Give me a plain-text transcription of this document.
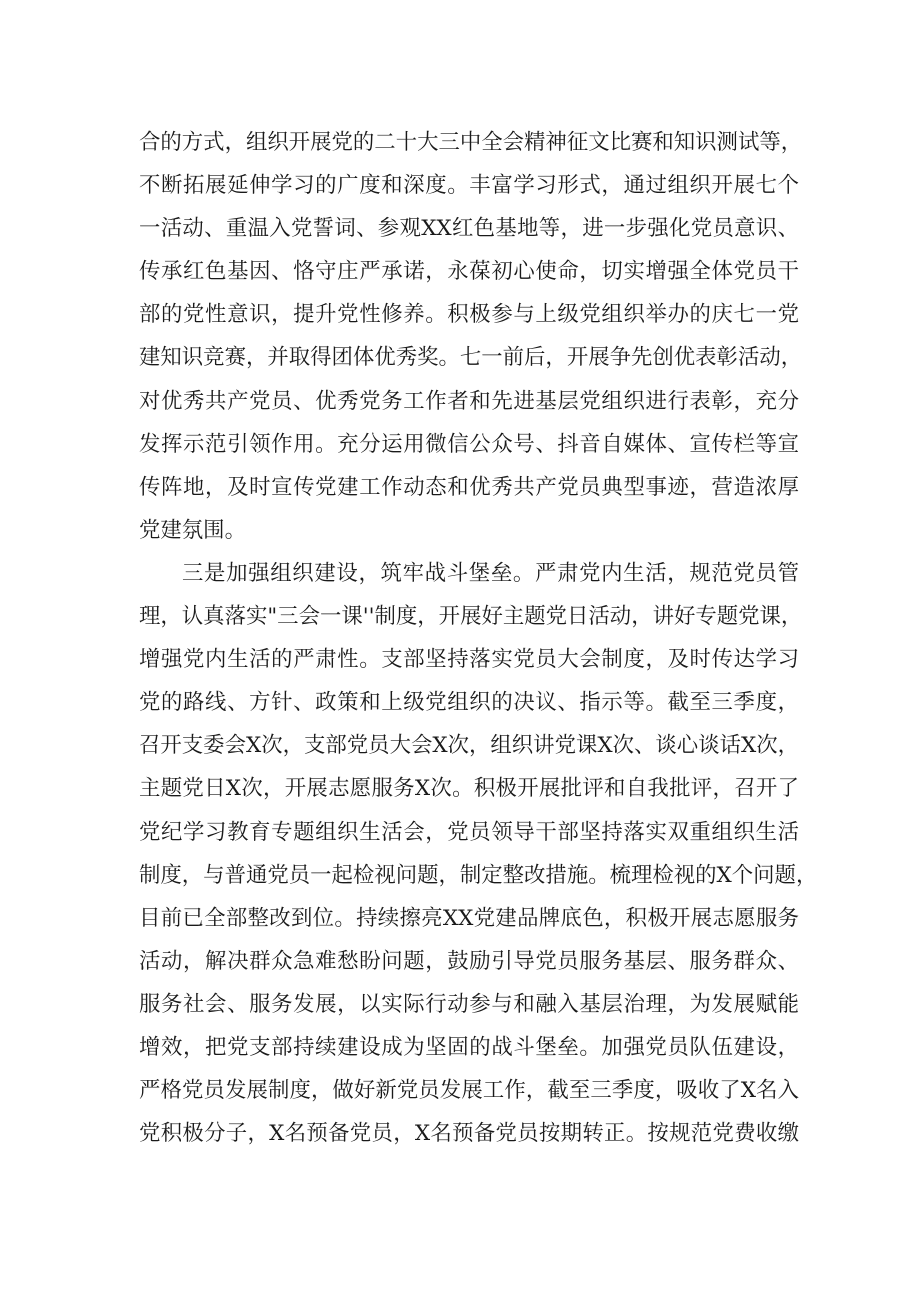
合的方式，组织开展党的二十大三中全会精神征文比赛和知识测试等，
不断拓展延伸学习的广度和深度。丰富学习形式，通过组织开展七个
一活动、重温入党誓词、参观XX红色基地等，进一步强化党员意识、
传承红色基因、恪守庄严承诺，永葆初心使命，切实增强全体党员干
部的党性意识，提升党性修养。积极参与上级党组织举办的庆七一党
建知识竞赛，并取得团体优秀奖。七一前后，开展争先创优表彰活动，
对优秀共产党员、优秀党务工作者和先进基层党组织进行表彰，充分
发挥示范引领作用。充分运用微信公众号、抖音自媒体、宣传栏等宣
传阵地，及时宣传党建工作动态和优秀共产党员典型事迹，营造浓厚
党建氛围。
三是加强组织建设，筑牢战斗堡垒。严肃党内生活，规范党员管
理，认真落实"三会一课''制度，开展好主题党日活动，讲好专题党课，
增强党内生活的严肃性。支部坚持落实党员大会制度，及时传达学习
党的路线、方针、政策和上级党组织的决议、指示等。截至三季度，
召开支委会X次，支部党员大会X次，组织讲党课X次、谈心谈话X次，
主题党日X次，开展志愿服务X次。积极开展批评和自我批评，召开了
党纪学习教育专题组织生活会，党员领导干部坚持落实双重组织生活
制度，与普通党员一起检视问题，制定整改措施。梳理检视的X个问题，
目前已全部整改到位。持续擦亮XX党建品牌底色，积极开展志愿服务
活动，解决群众急难愁盼问题，鼓励引导党员服务基层、服务群众、
服务社会、服务发展，以实际行动参与和融入基层治理，为发展赋能
增效，把党支部持续建设成为坚固的战斗堡垒。加强党员队伍建设，
严格党员发展制度，做好新党员发展工作，截至三季度，吸收了X名入
党积极分子，X名预备党员，X名预备党员按期转正。按规范党费收缴
